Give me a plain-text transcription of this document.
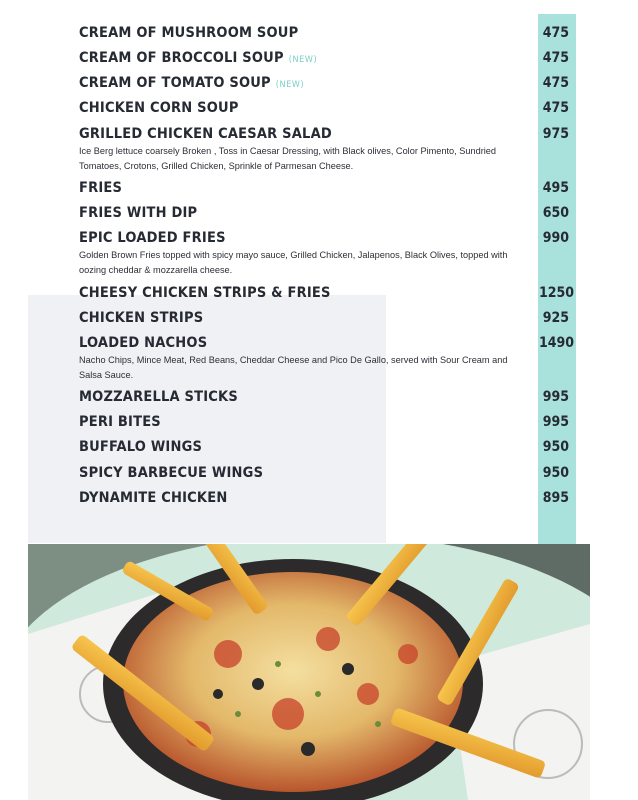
CREAM OF MUSHROOM SOUP	475
CREAM OF BROCCOLI SOUP (NEW)	475
CREAM OF TOMATO SOUP (NEW)	475
CHICKEN CORN SOUP	475
GRILLED CHICKEN CAESAR SALAD	975
Ice Berg lettuce coarsely Broken , Toss in Caesar Dressing, with Black olives, Color Pimento, Sundried Tomatoes, Crotons, Grilled Chicken, Sprinkle of Parmesan Cheese.
FRIES	495
FRIES WITH DIP	650
EPIC LOADED FRIES	990
Golden Brown Fries topped with spicy mayo sauce, Grilled Chicken, Jalapenos, Black Olives, topped with oozing cheddar & mozzarella cheese.
CHEESY CHICKEN STRIPS & FRIES	1250
CHICKEN STRIPS	925
LOADED NACHOS	1490
Nacho Chips, Mince Meat, Red Beans, Cheddar Cheese and Pico De Gallo, served with Sour Cream and Salsa Sauce.
MOZZARELLA STICKS	995
PERI BITES	995
BUFFALO WINGS	950
SPICY BARBECUE WINGS	950
DYNAMITE CHICKEN	895
